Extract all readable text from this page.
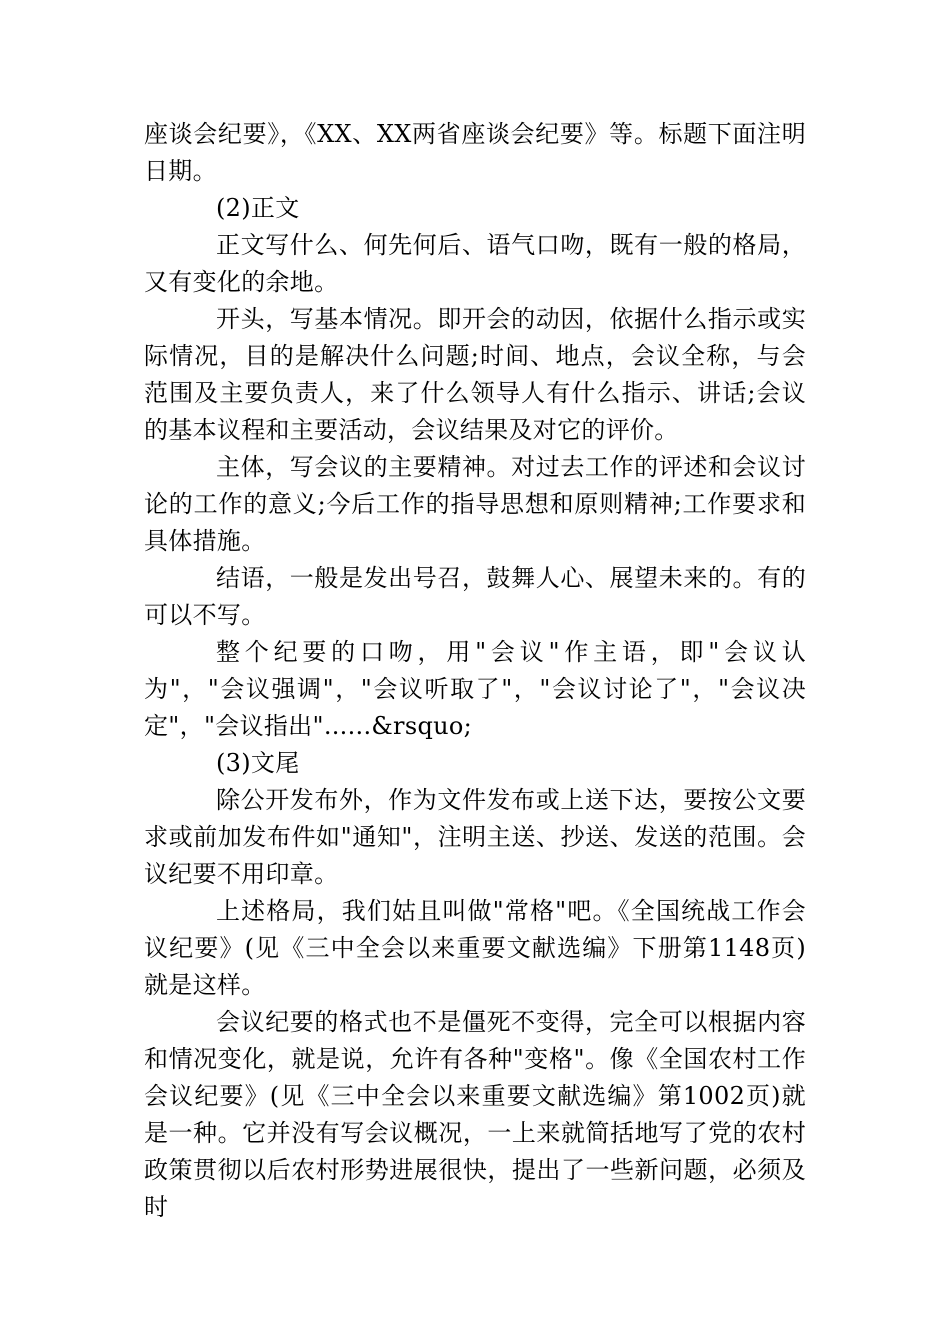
座谈会纪要》，《XX、XX两省座谈会纪要》等。标题下面注明日期。

(2)正文

正文写什么、何先何后、语气口吻，既有一般的格局，又有变化的余地。

开头，写基本情况。即开会的动因，依据什么指示或实际情况，目的是解决什么问题;时间、地点，会议全称，与会范围及主要负责人，来了什么领导人有什么指示、讲话;会议的基本议程和主要活动，会议结果及对它的评价。

主体，写会议的主要精神。对过去工作的评述和会议讨论的工作的意义;今后工作的指导思想和原则精神;工作要求和具体措施。

结语，一般是发出号召，鼓舞人心、展望未来的。有的可以不写。

整个纪要的口吻，用"会议"作主语，即"会议认为"，"会议强调"，"会议听取了"，"会议讨论了"，"会议决定"，"会议指出"......&rsquo;

(3)文尾

除公开发布外，作为文件发布或上送下达，要按公文要求或前加发布件如"通知"，注明主送、抄送、发送的范围。会议纪要不用印章。

上述格局，我们姑且叫做"常格"吧。《全国统战工作会议纪要》(见《三中全会以来重要文献选编》下册第1148页)就是这样。

会议纪要的格式也不是僵死不变得，完全可以根据内容和情况变化，就是说，允许有各种"变格"。像《全国农村工作会议纪要》(见《三中全会以来重要文献选编》第1002页)就是一种。它并没有写会议概况，一上来就简括地写了党的农村政策贯彻以后农村形势进展很快，提出了一些新问题，必须及时
